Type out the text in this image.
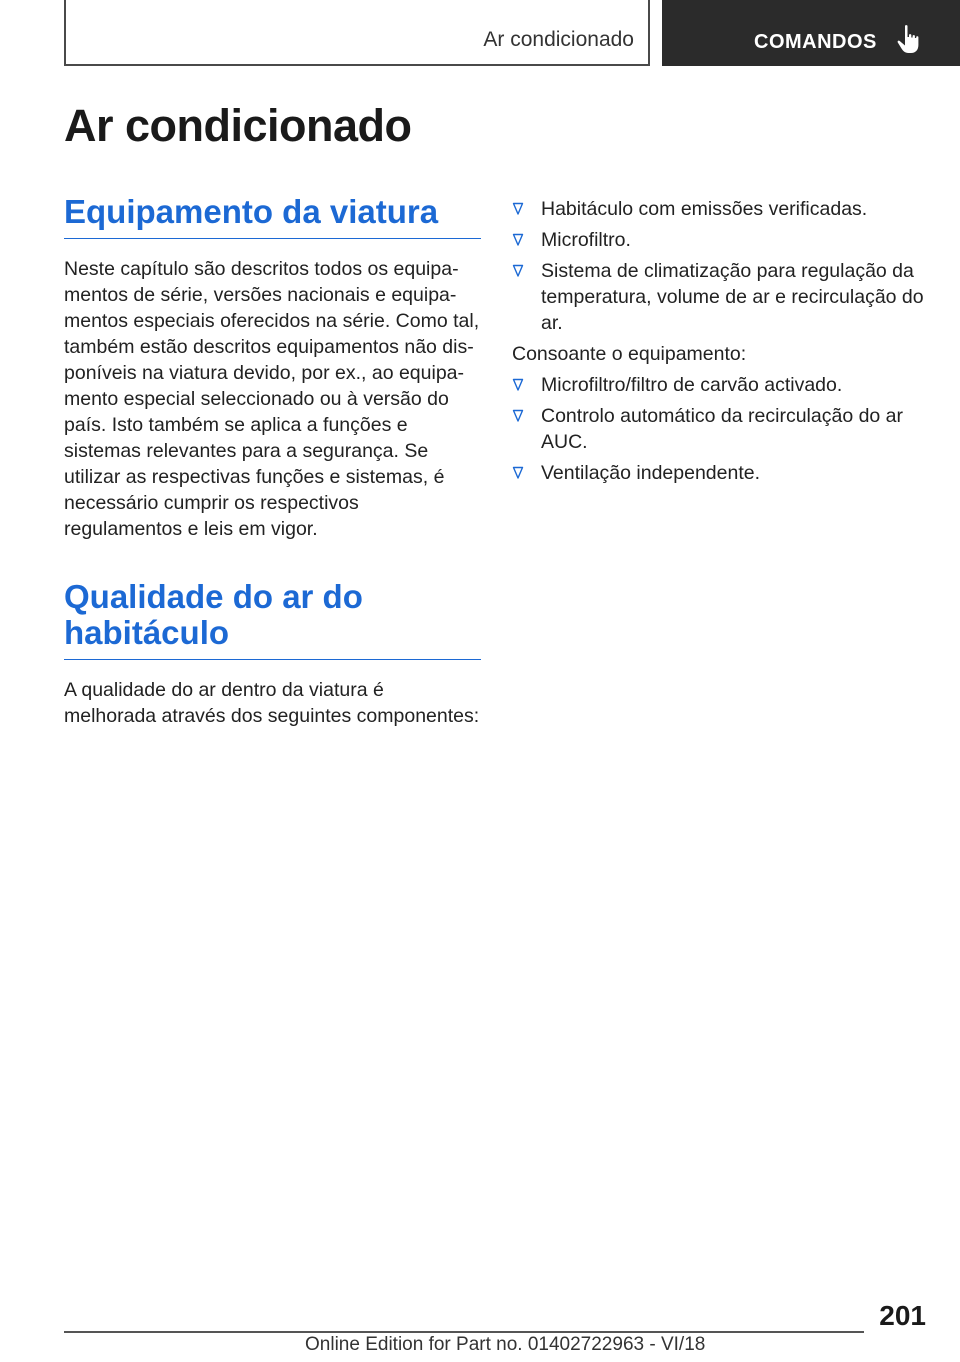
Ar condicionado	COMANDOS
Ar condicionado
Equipamento da viatura

Neste capítulo são descritos todos os equipamentos de série, versões nacionais e equipamentos especiais oferecidos na série. Como tal, também estão descritos equipamentos não disponíveis na viatura devido, por ex., ao equipamento especial seleccionado ou à versão do país. Isto também se aplica a funções e sistemas relevantes para a segurança. Se utilizar as respectivas funções e sistemas, é necessário cumprir os respectivos regulamentos e leis em vigor.

Qualidade do ar do habitáculo

A qualidade do ar dentro da viatura é melhorada através dos seguintes componentes:

Habitáculo com emissões verificadas.
Microfiltro.
Sistema de climatização para regulação da temperatura, volume de ar e recirculação do ar.

Consoante o equipamento:

Microfiltro/filtro de carvão activado.
Controlo automático da recirculação do ar AUC.
Ventilação independente.
201
Online Edition for Part no. 01402722963 - VI/18
